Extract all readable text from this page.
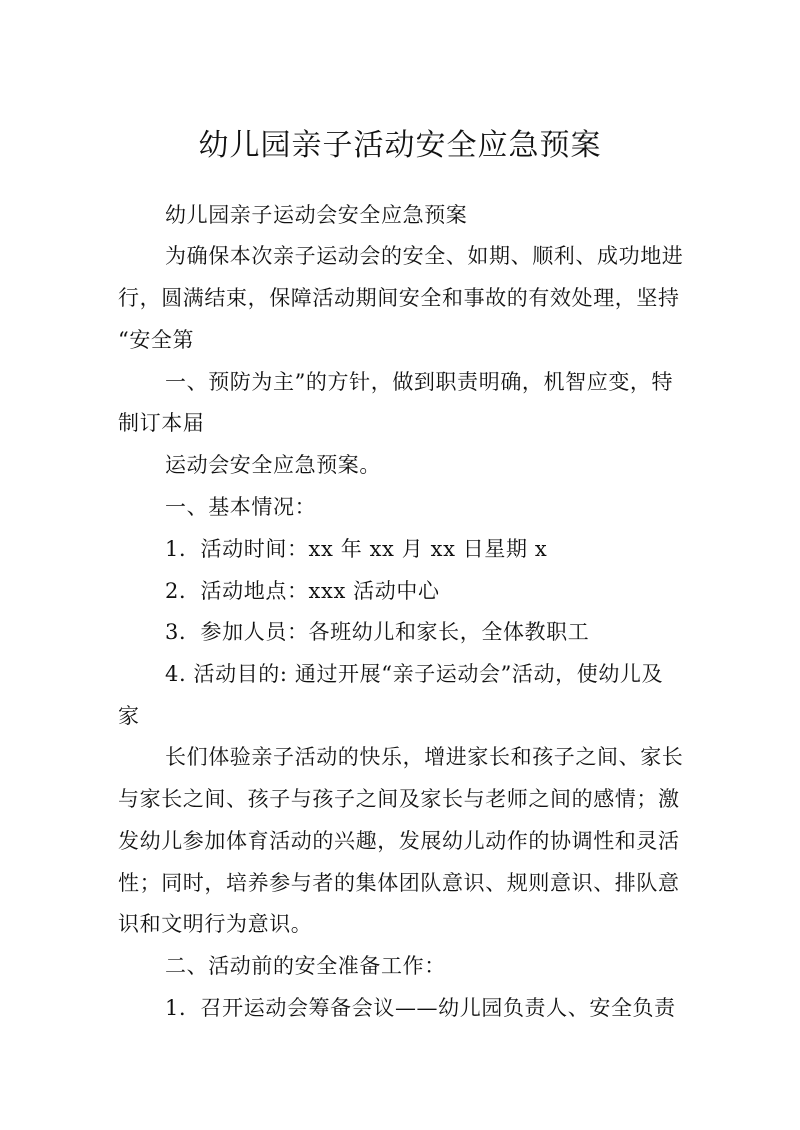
幼儿园亲子活动安全应急预案
幼儿园亲子运动会安全应急预案
为确保本次亲子运动会的安全、如期、顺利、成功地进
行，圆满结束，保障活动期间安全和事故的有效处理，坚持
“安全第
一、预防为主”的方针，做到职责明确，机智应变，特
制订本届
运动会安全应急预案。
一、基本情况：
1．活动时间：xx 年 xx 月 xx 日星期 x
2．活动地点：xxx 活动中心
3．参加人员：各班幼儿和家长，全体教职工
4. 活动目的: 通过开展“亲子运动会”活动，使幼儿及
家
长们体验亲子活动的快乐，增进家长和孩子之间、家长
与家长之间、孩子与孩子之间及家长与老师之间的感情；激
发幼儿参加体育活动的兴趣，发展幼儿动作的协调性和灵活
性；同时，培养参与者的集体团队意识、规则意识、排队意
识和文明行为意识。
二、活动前的安全准备工作：
1．召开运动会筹备会议——幼儿园负责人、安全负责
